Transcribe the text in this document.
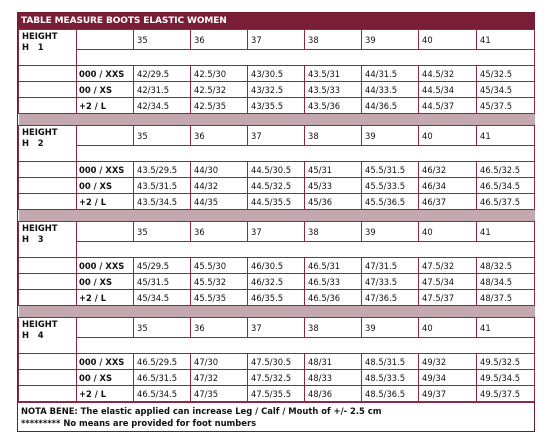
TABLE MEASURE BOOTS ELASTIC WOMEN
HEIGHT
H   1		35	36	37	38	39	40	41

	000 / XXS	42/29.5	42.5/30	43/30.5	43.5/31	44/31.5	44.5/32	45/32.5
	00 / XS	42/31.5	42.5/32	43/32.5	43.5/33	44/33.5	44.5/34	45/34.5
	+2 / L	42/34.5	42.5/35	43/35.5	43.5/36	44/36.5	44.5/37	45/37.5

HEIGHT
H   2		35	36	37	38	39	40	41

	000 / XXS	43.5/29.5	44/30	44.5/30.5	45/31	45.5/31.5	46/32	46.5/32.5
	00 / XS	43.5/31.5	44/32	44.5/32.5	45/33	45.5/33.5	46/34	46.5/34.5
	+2 / L	43.5/34.5	44/35	44.5/35.5	45/36	45.5/36.5	46/37	46.5/37.5

HEIGHT
H   3		35	36	37	38	39	40	41

	000 / XXS	45/29.5	45.5/30	46/30.5	46.5/31	47/31.5	47.5/32	48/32.5
	00 / XS	45/31.5	45.5/32	46/32.5	46.5/33	47/33.5	47.5/34	48/34.5
	+2 / L	45/34.5	45.5/35	46/35.5	46.5/36	47/36.5	47.5/37	48/37.5

HEIGHT
H   4		35	36	37	38	39	40	41

	000 / XXS	46.5/29.5	47/30	47.5/30.5	48/31	48.5/31.5	49/32	49.5/32.5
	00 / XS	46.5/31.5	47/32	47.5/32.5	48/33	48.5/33.5	49/34	49.5/34.5
	+2 / L	46.5/34.5	47/35	47.5/35.5	48/36	48.5/36.5	49/37	49.5/37.5
NOTA BENE: The elastic applied can increase Leg / Calf / Mouth of +/- 2.5 cm
********* No means are provided for foot numbers
